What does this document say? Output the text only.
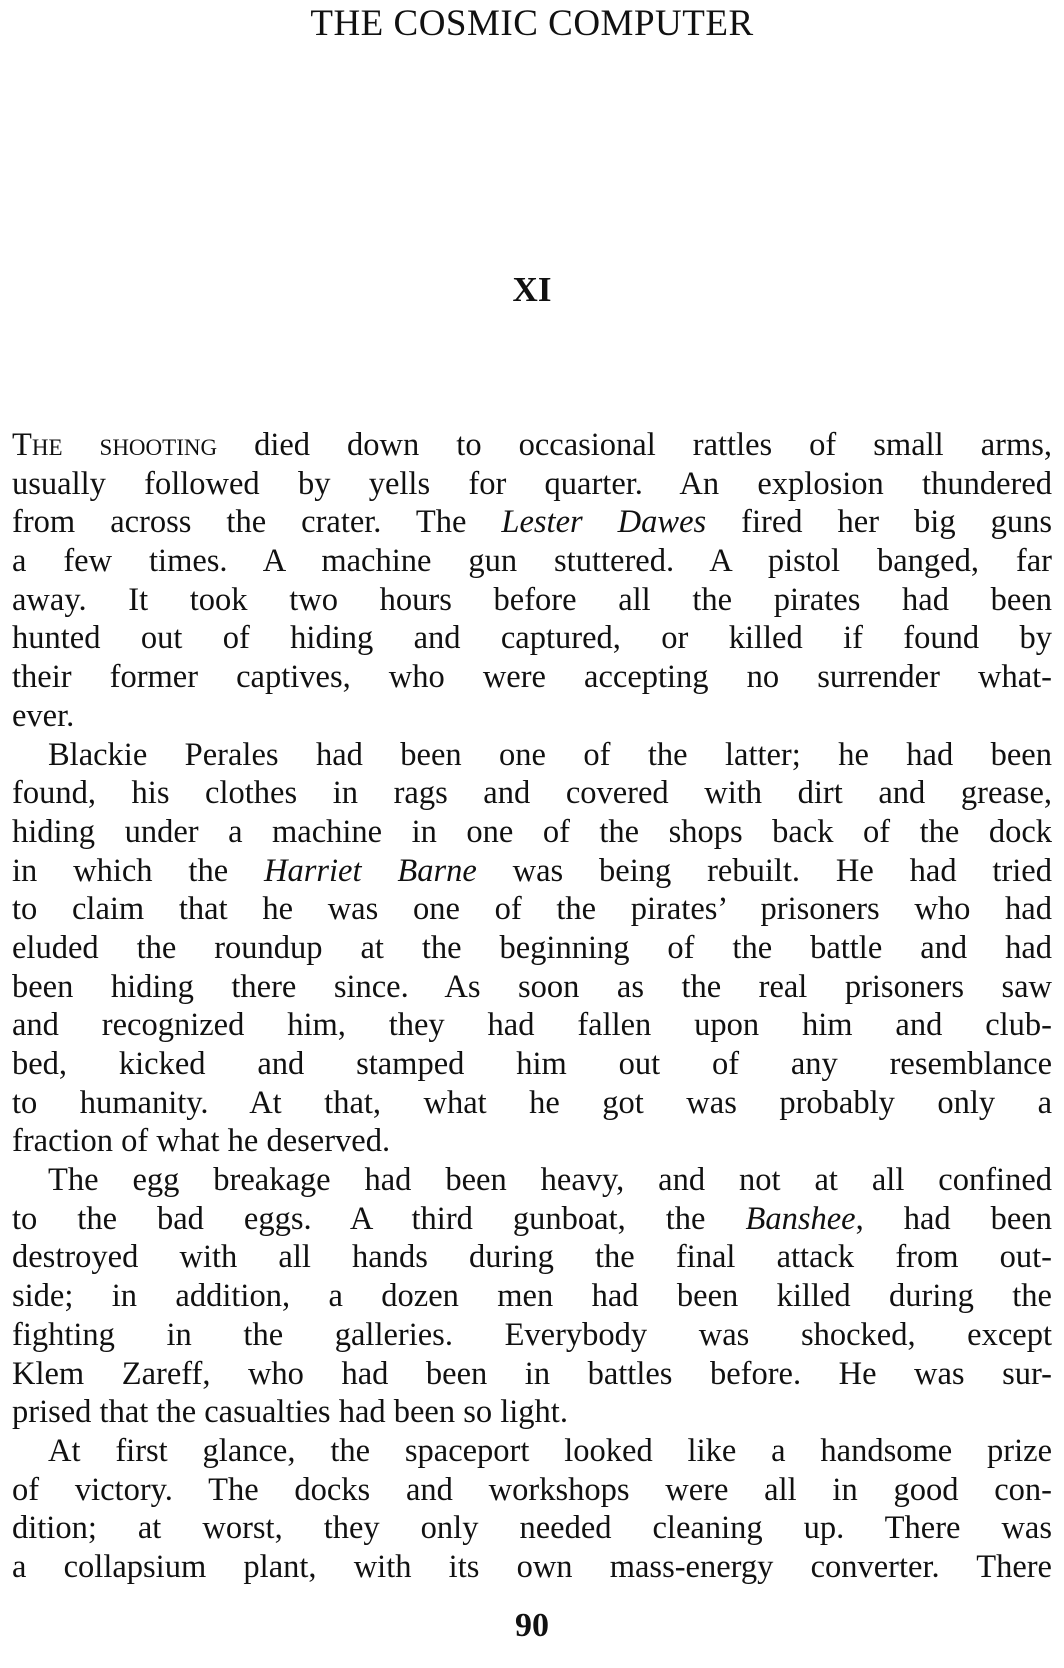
THE COSMIC COMPUTER
XI
The shooting died down to occasional rattles of small arms,
usually followed by yells for quarter. An explosion thundered
from across the crater. The Lester Dawes fired her big guns
a few times. A machine gun stuttered. A pistol banged, far
away. It took two hours before all the pirates had been
hunted out of hiding and captured, or killed if found by
their former captives, who were accepting no surrender what-
ever.
Blackie Perales had been one of the latter; he had been
found, his clothes in rags and covered with dirt and grease,
hiding under a machine in one of the shops back of the dock
in which the Harriet Barne was being rebuilt. He had tried
to claim that he was one of the pirates’ prisoners who had
eluded the roundup at the beginning of the battle and had
been hiding there since. As soon as the real prisoners saw
and recognized him, they had fallen upon him and club-
bed, kicked and stamped him out of any resemblance
to humanity. At that, what he got was probably only a
fraction of what he deserved.
The egg breakage had been heavy, and not at all confined
to the bad eggs. A third gunboat, the Banshee, had been
destroyed with all hands during the final attack from out-
side; in addition, a dozen men had been killed during the
fighting in the galleries. Everybody was shocked, except
Klem Zareff, who had been in battles before. He was sur-
prised that the casualties had been so light.
At first glance, the spaceport looked like a handsome prize
of victory. The docks and workshops were all in good con-
dition; at worst, they only needed cleaning up. There was
a collapsium plant, with its own mass-energy converter. There
90
